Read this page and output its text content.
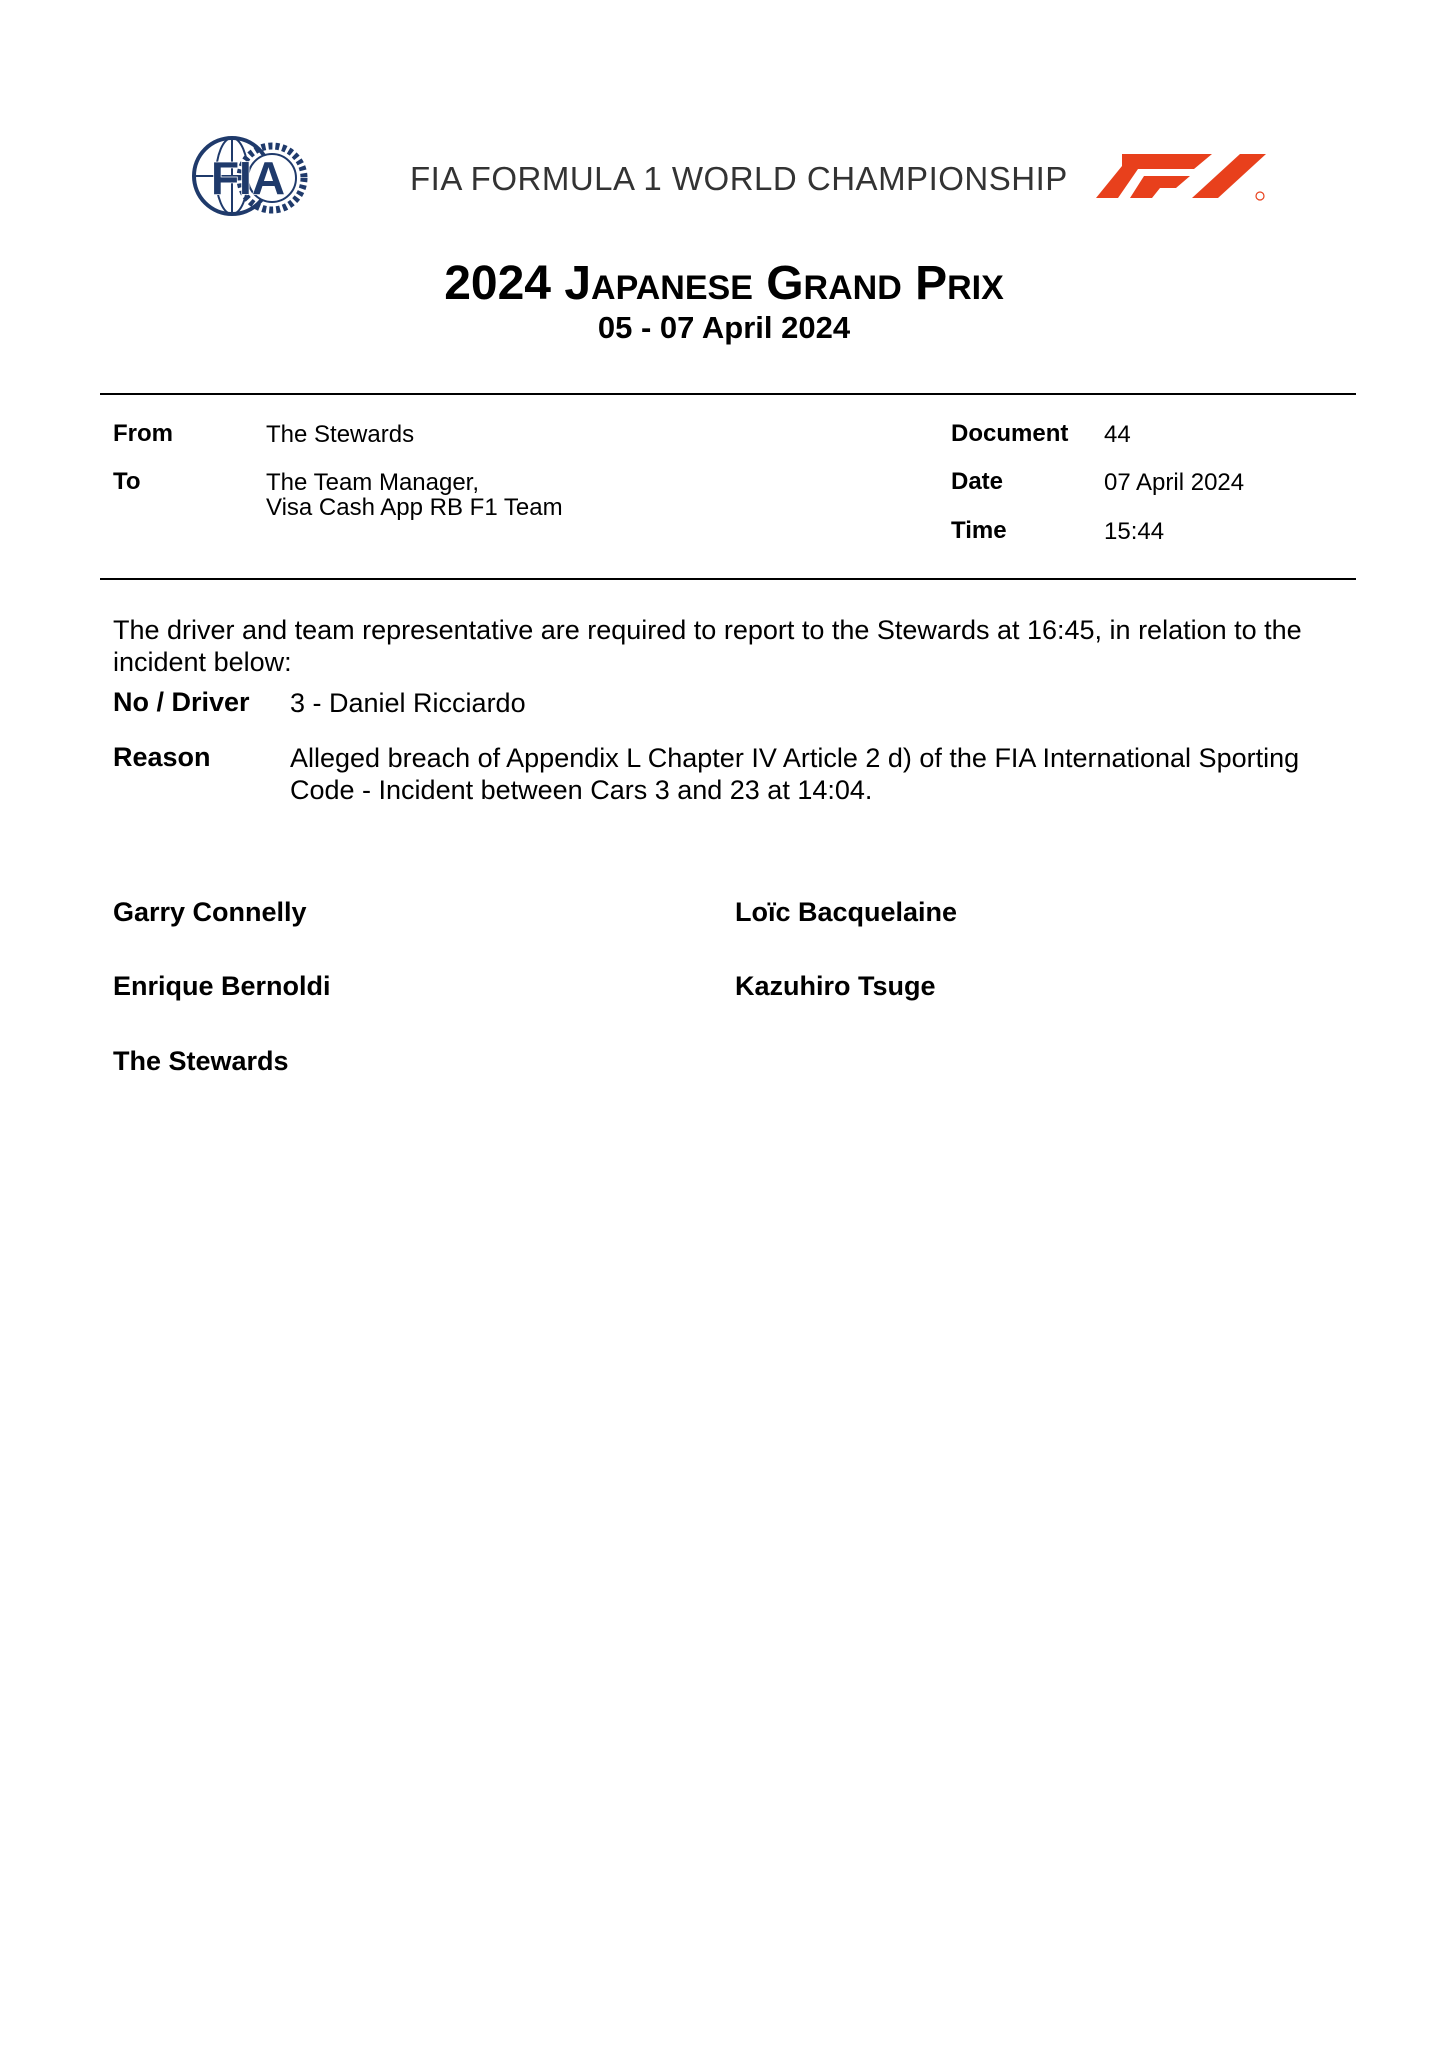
FIA	FIA FORMULA 1 WORLD CHAMPIONSHIP
2024 Japanese Grand Prix
05 - 07 April 2024
From	The Stewards
To	The Team Manager,
Visa Cash App RB F1 Team
Document 44
Date	07 April 2024
Time	15:44
The driver and team representative are required to report to the Stewards at 16:45, in relation to the incident below:
No / Driver 3 - Daniel Ricciardo
Reason	Alleged breach of Appendix L Chapter IV Article 2 d) of the FIA International Sporting Code - Incident between Cars 3 and 23 at 14:04.
Garry Connelly	Loïc Bacquelaine
Enrique Bernoldi	Kazuhiro Tsuge
The Stewards
